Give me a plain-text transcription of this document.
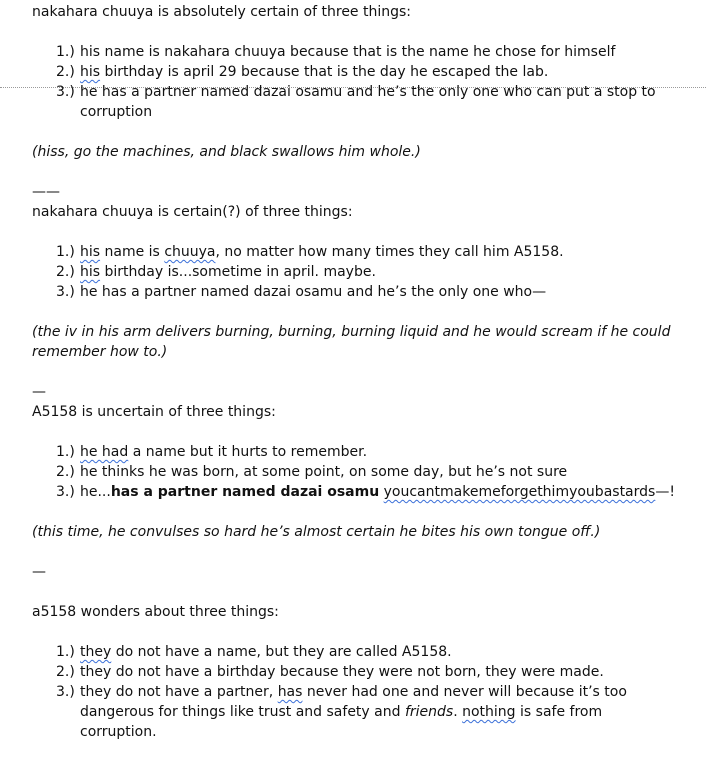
nakahara chuuya is absolutely certain of three things:
1.) his name is nakahara chuuya because that is the name he chose for himself
2.) his birthday is april 29 because that is the day he escaped the lab.
3.) he has a partner named dazai osamu and he’s the only one who can put a stop to
corruption
(hiss, go the machines, and black swallows him whole.)
——
nakahara chuuya is certain(?) of three things:
1.) his name is chuuya, no matter how many times they call him A5158.
2.) his birthday is...sometime in april. maybe.
3.) he has a partner named dazai osamu and he’s the only one who—
(the iv in his arm delivers burning, burning, burning liquid and he would scream if he could
remember how to.)
—
A5158 is uncertain of three things:
1.) he had a name but it hurts to remember.
2.) he thinks he was born, at some point, on some day, but he’s not sure
3.) he...has a partner named dazai osamu youcantmakemeforgethimyoubastards—!
(this time, he convulses so hard he’s almost certain he bites his own tongue off.)
—
a5158 wonders about three things:
1.) they do not have a name, but they are called A5158.
2.) they do not have a birthday because they were not born, they were made.
3.) they do not have a partner, has never had one and never will because it’s too
dangerous for things like trust and safety and friends. nothing is safe from
corruption.
